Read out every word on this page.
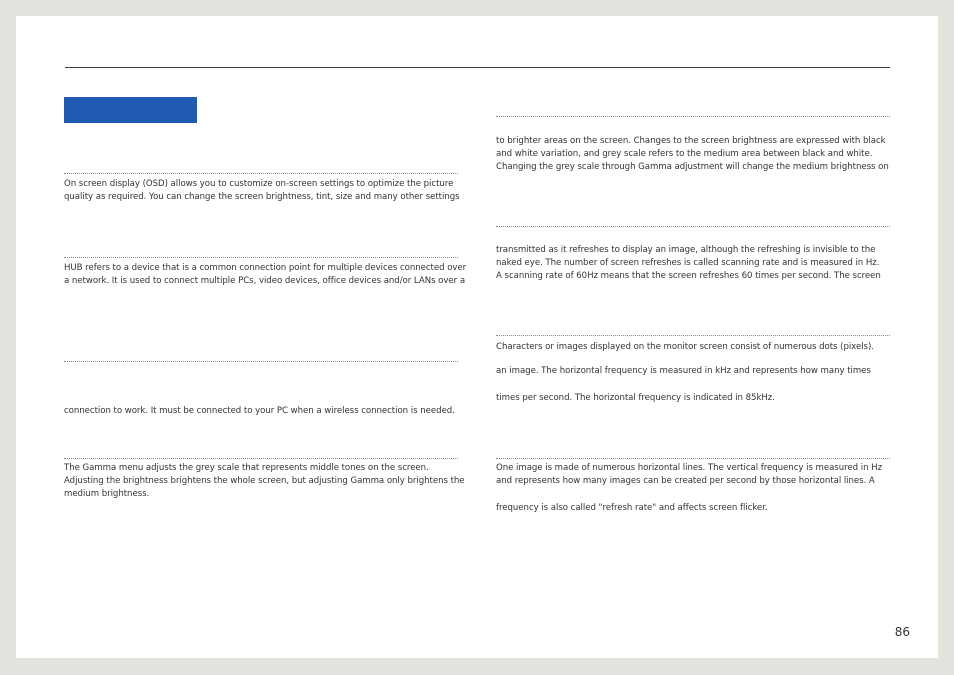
On screen display (OSD) allows you to customize on-screen settings to optimize the picture
quality as required. You can change the screen brightness, tint, size and many other settings
HUB refers to a device that is a common connection point for multiple devices connected over
a network. It is used to connect multiple PCs, video devices, office devices and/or LANs over a
connection to work. It must be connected to your PC when a wireless connection is needed.
The Gamma menu adjusts the grey scale that represents middle tones on the screen.
Adjusting the brightness brightens the whole screen, but adjusting Gamma only brightens the
medium brightness.
to brighter areas on the screen. Changes to the screen brightness are expressed with black
and white variation, and grey scale refers to the medium area between black and white.
Changing the grey scale through Gamma adjustment will change the medium brightness on
transmitted as it refreshes to display an image, although the refreshing is invisible to the
naked eye. The number of screen refreshes is called scanning rate and is measured in Hz.
A scanning rate of 60Hz means that the screen refreshes 60 times per second. The screen
Characters or images displayed on the monitor screen consist of numerous dots (pixels).
an image. The horizontal frequency is measured in kHz and represents how many times
times per second. The horizontal frequency is indicated in 85kHz.
One image is made of numerous horizontal lines. The vertical frequency is measured in Hz
and represents how many images can be created per second by those horizontal lines. A
frequency is also called "refresh rate" and affects screen flicker.
86
